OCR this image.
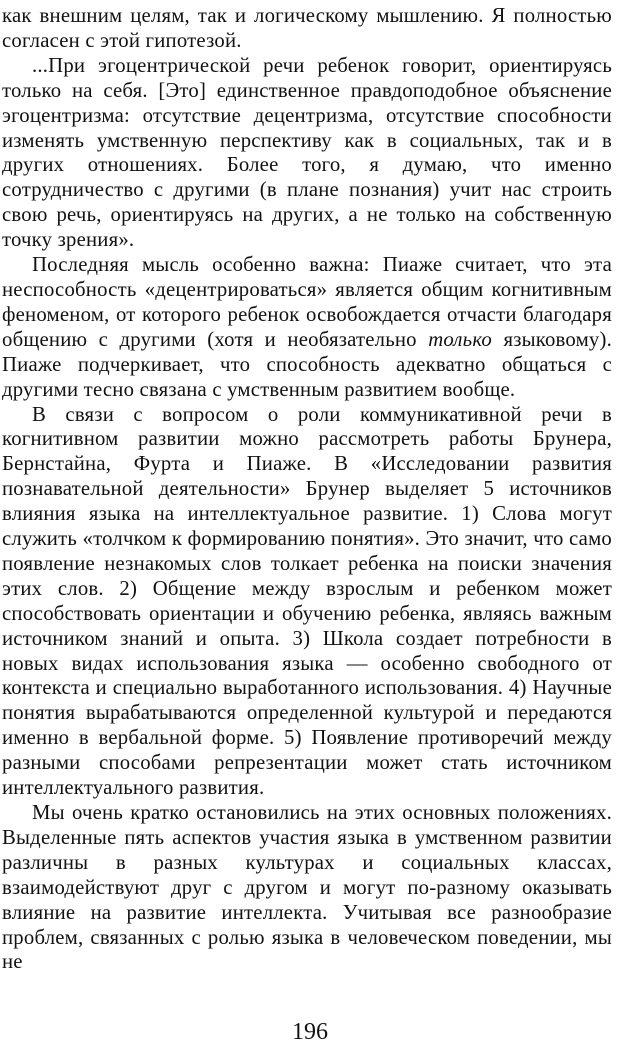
как внешним целям, так и логическому мышлению. Я полностью согласен с этой гипотезой.

...При эгоцентрической речи ребенок говорит, ориентируясь только на себя. [Это] единственное правдоподобное объяснение эгоцентризма: отсутствие децентризма, отсутствие способности изменять умственную перспективу как в социальных, так и в других отношениях. Более того, я думаю, что именно сотрудничество с другими (в плане познания) учит нас строить свою речь, ориентируясь на других, а не только на собственную точку зрения».

Последняя мысль особенно важна: Пиаже считает, что эта неспособность «децентрироваться» является общим когнитивным феноменом, от которого ребенок освобождается отчасти благодаря общению с другими (хотя и необязательно только языковому). Пиаже подчеркивает, что способность адекватно общаться с другими тесно связана с умственным развитием вообще.

В связи с вопросом о роли коммуникативной речи в когнитивном развитии можно рассмотреть работы Брунера, Бернстайна, Фурта и Пиаже. В «Исследовании развития познавательной деятельности» Брунер выделяет 5 источников влияния языка на интеллектуальное развитие. 1) Слова могут служить «толчком к формированию понятия». Это значит, что само появление незнакомых слов толкает ребенка на поиски значения этих слов. 2) Общение между взрослым и ребенком может способствовать ориентации и обучению ребенка, являясь важным источником знаний и опыта. 3) Школа создает потребности в новых видах использования языка — особенно свободного от контекста и специально выработанного использования. 4) Научные понятия вырабатываются определенной культурой и передаются именно в вербальной форме. 5) Появление противоречий между разными способами репрезентации может стать источником интеллектуального развития.

Мы очень кратко остановились на этих основных положениях. Выделенные пять аспектов участия языка в умственном развитии различны в разных культурах и социальных классах, взаимодействуют друг с другом и могут по-разному оказывать влияние на развитие интеллекта. Учитывая все разнообразие проблем, связанных с ролью языка в человеческом поведении, мы не

196
